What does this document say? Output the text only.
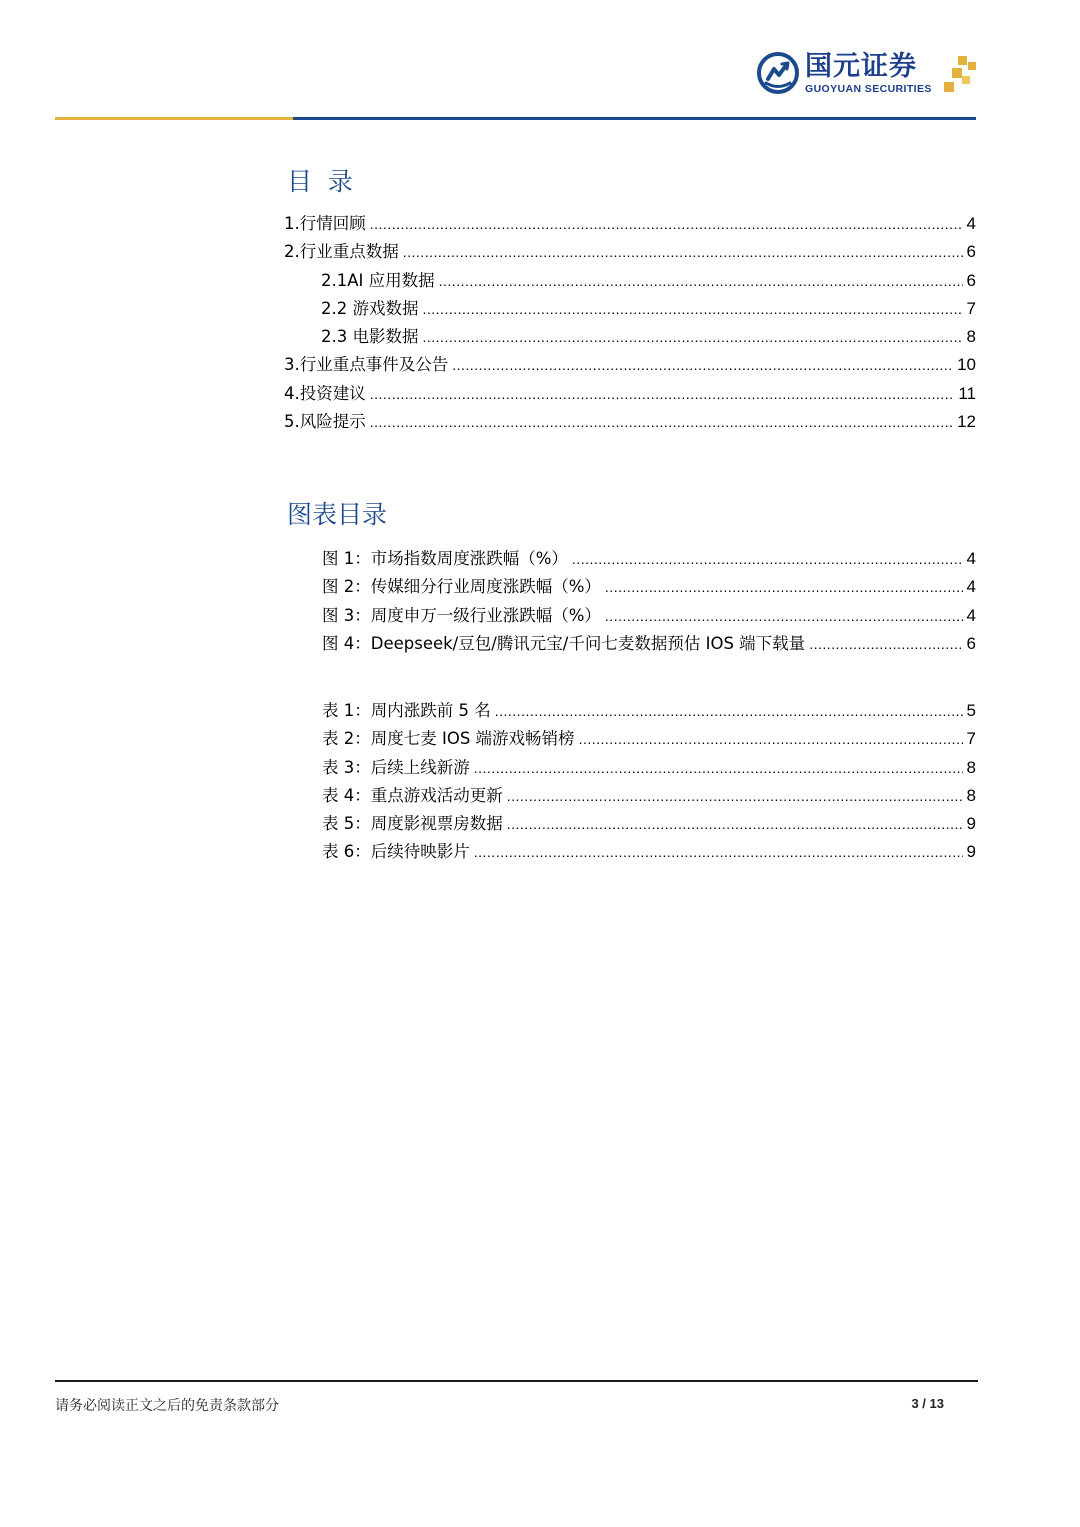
国元证券
GUOYUAN SECURITIES
目  录
1.行情回顾 .....	4
2.行业重点数据 .....	6
2.1AI 应用数据 .....	6
2.2 游戏数据 .....	7
2.3 电影数据 .....	8
3.行业重点事件及公告 .....	10
4.投资建议 .....	11
5.风险提示 .....	12
图表目录
图 1：市场指数周度涨跌幅（%） .....	4
图 2：传媒细分行业周度涨跌幅（%） .....	4
图 3：周度申万一级行业涨跌幅（%） .....	4
图 4：Deepseek/豆包/腾讯元宝/千问七麦数据预估 IOS 端下载量 .....	6
表 1：周内涨跌前 5 名 .....	5
表 2：周度七麦 IOS 端游戏畅销榜 .....	7
表 3：后续上线新游 .....	8
表 4：重点游戏活动更新 .....	8
表 5：周度影视票房数据 .....	9
表 6：后续待映影片 .....	9
请务必阅读正文之后的免责条款部分	3 / 13
